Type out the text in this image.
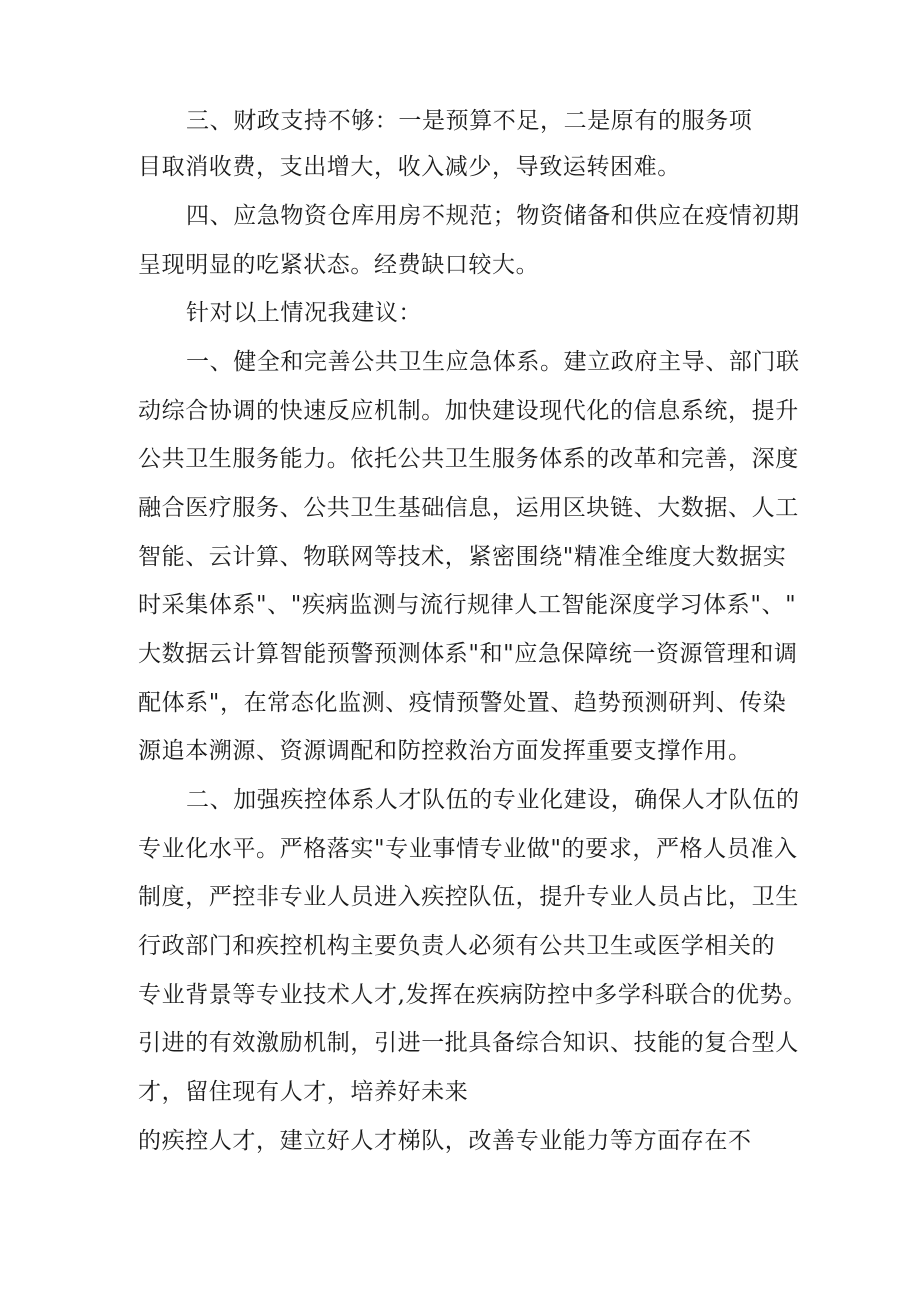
三、财政支持不够：一是预算不足，二是原有的服务项
目取消收费，支出增大，收入减少，导致运转困难。
四、应急物资仓库用房不规范；物资储备和供应在疫情初期
呈现明显的吃紧状态。经费缺口较大。
针对以上情况我建议：
一、健全和完善公共卫生应急体系。建立政府主导、部门联
动综合协调的快速反应机制。加快建设现代化的信息系统，提升
公共卫生服务能力。依托公共卫生服务体系的改革和完善，深度
融合医疗服务、公共卫生基础信息，运用区块链、大数据、人工
智能、云计算、物联网等技术，紧密围绕"精准全维度大数据实
时采集体系"、"疾病监测与流行规律人工智能深度学习体系"、"
大数据云计算智能预警预测体系"和"应急保障统一资源管理和调
配体系"，在常态化监测、疫情预警处置、趋势预测研判、传染
源追本溯源、资源调配和防控救治方面发挥重要支撑作用。
二、加强疾控体系人才队伍的专业化建设，确保人才队伍的
专业化水平。严格落实"专业事情专业做"的要求，严格人员准入
制度，严控非专业人员进入疾控队伍，提升专业人员占比，卫生
行政部门和疾控机构主要负责人必须有公共卫生或医学相关的
专业背景等专业技术人才,发挥在疾病防控中多学科联合的优势。
引进的有效激励机制，引进一批具备综合知识、技能的复合型人
才，留住现有人才，培养好未来
的疾控人才，建立好人才梯队，改善专业能力等方面存在不
